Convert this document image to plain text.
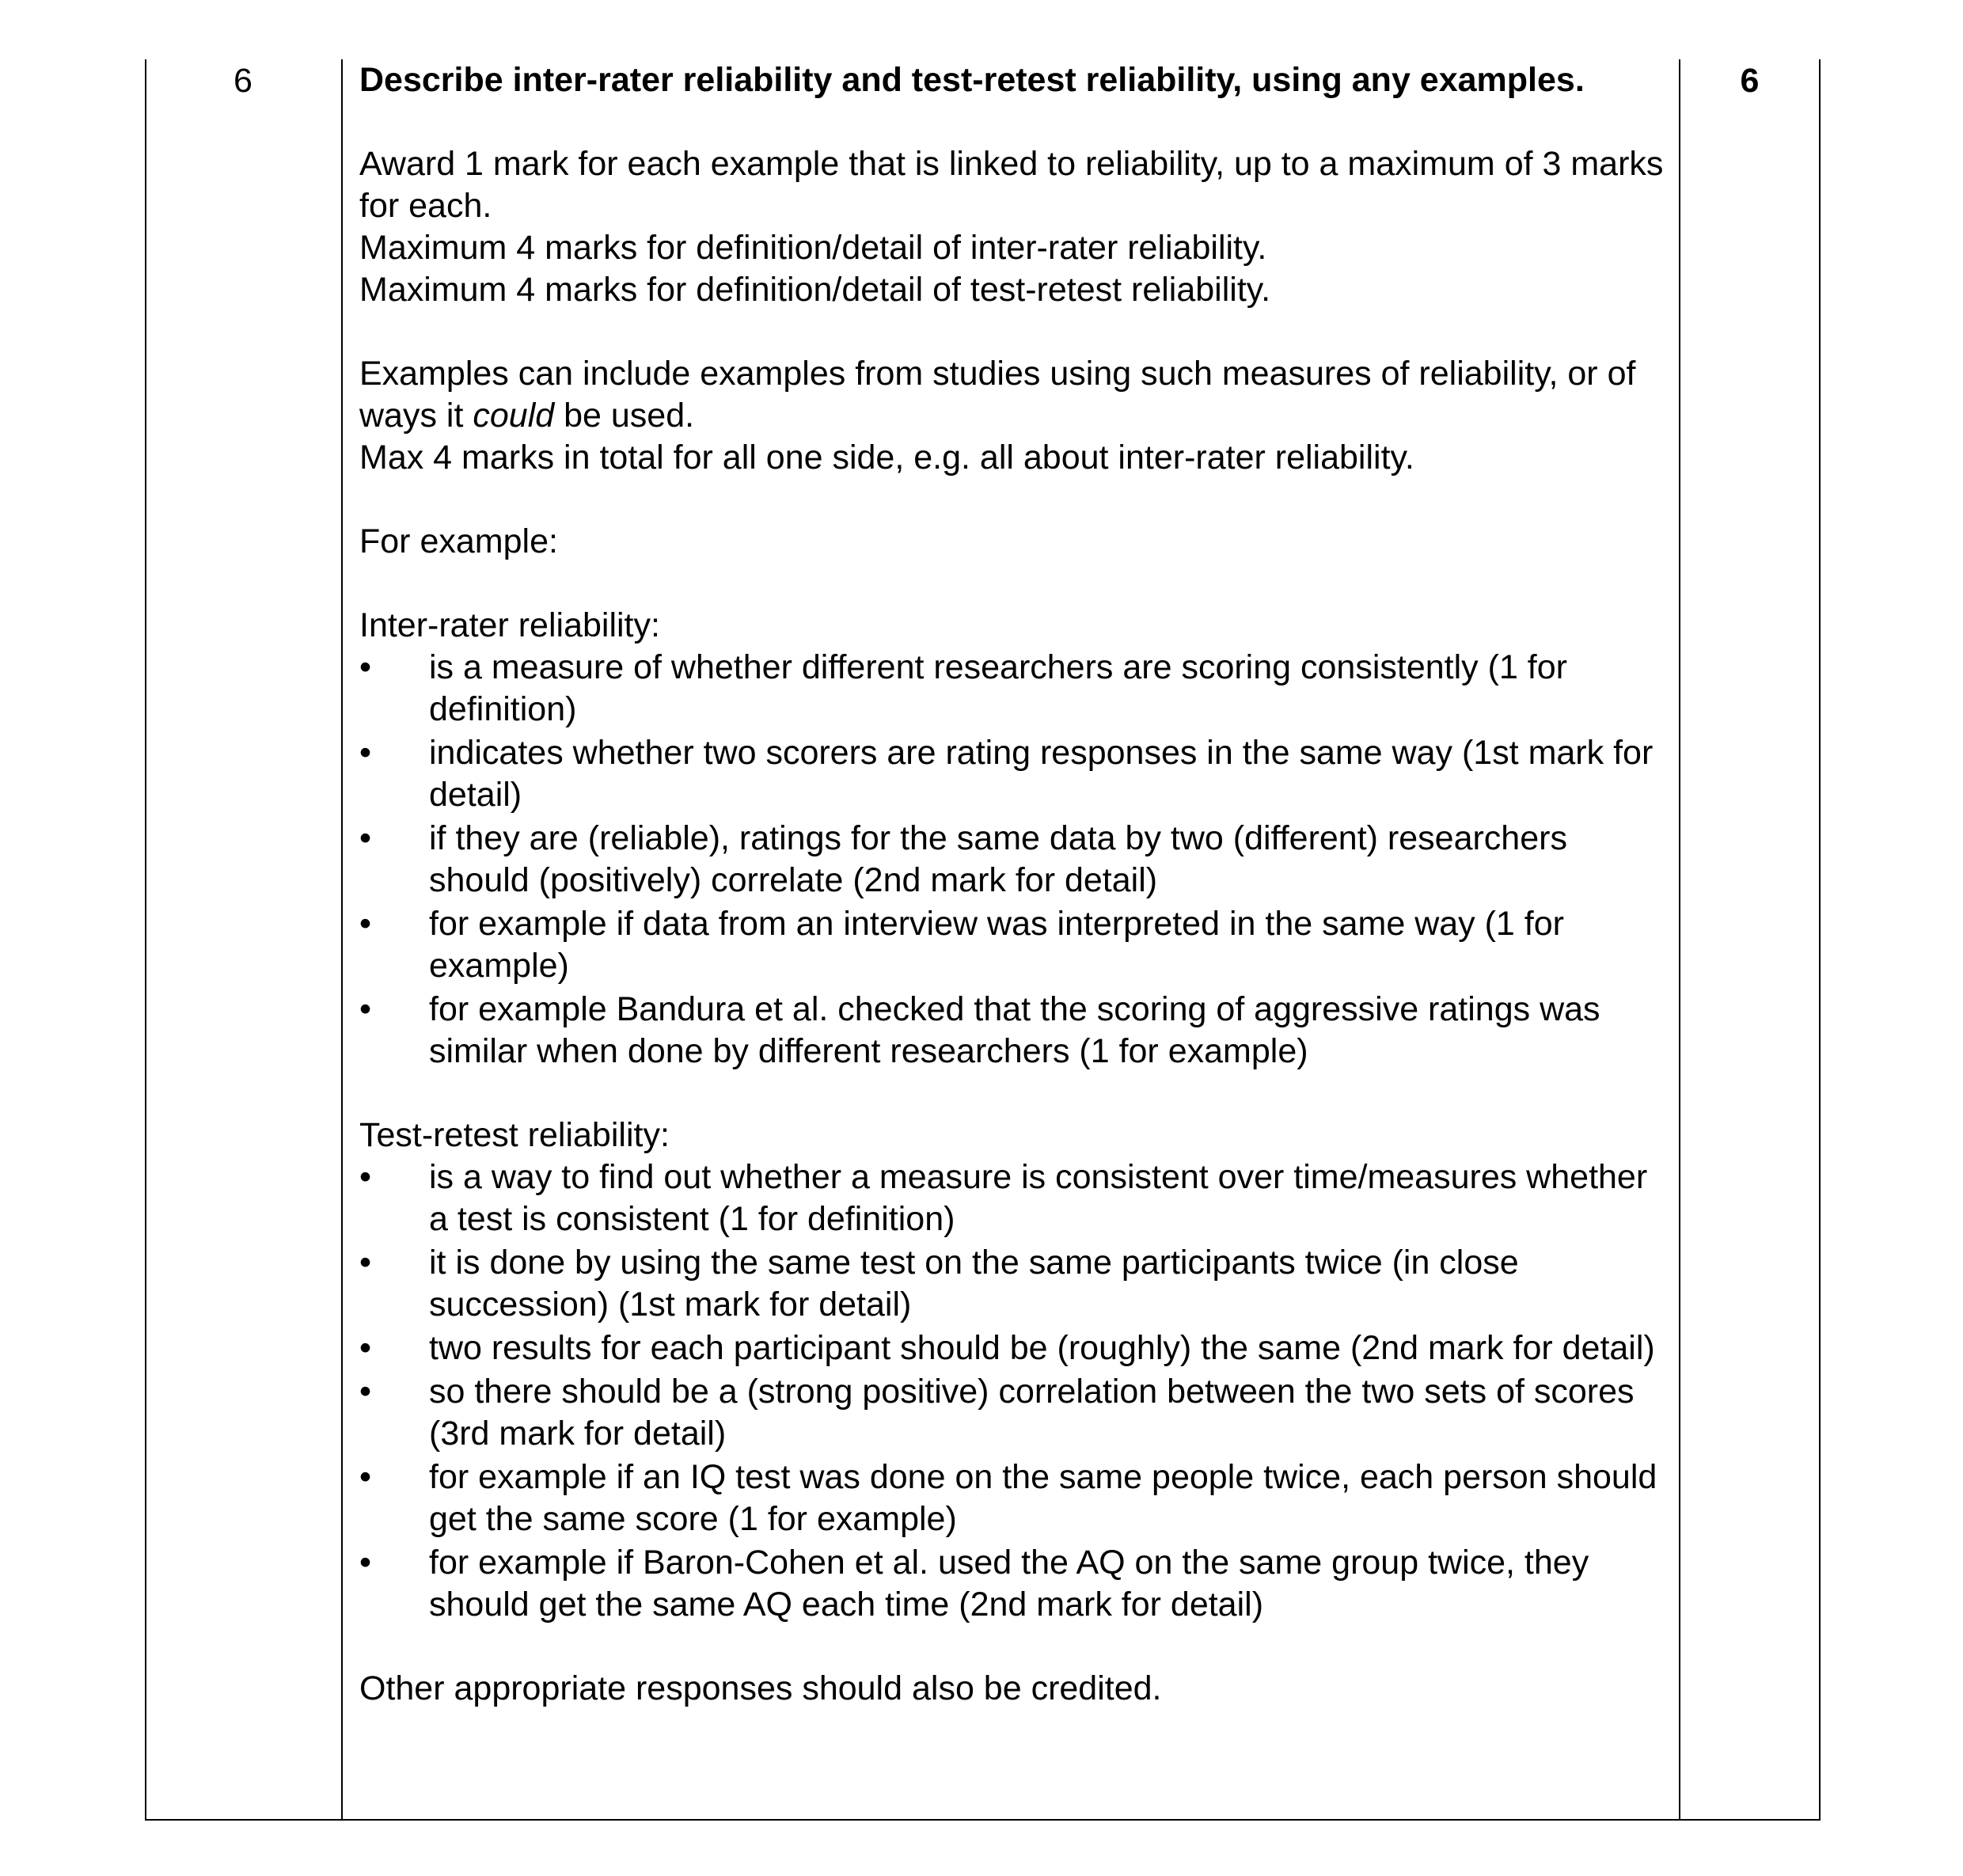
6	6
Describe inter-rater reliability and test-retest reliability, using any examples.
Award 1 mark for each example that is linked to reliability, up to a maximum of 3 marks for each.
Maximum 4 marks for definition/detail of inter-rater reliability.
Maximum 4 marks for definition/detail of test-retest reliability.
Examples can include examples from studies using such measures of reliability, or of ways it could be used.
Max 4 marks in total for all one side, e.g. all about inter-rater reliability.
For example:
Inter-rater reliability:
• is a measure of whether different researchers are scoring consistently (1 for definition)
• indicates whether two scorers are rating responses in the same way (1st mark for detail)
• if they are (reliable), ratings for the same data by two (different) researchers should (positively) correlate (2nd mark for detail)
• for example if data from an interview was interpreted in the same way (1 for example)
• for example Bandura et al. checked that the scoring of aggressive ratings was similar when done by different researchers (1 for example)
Test-retest reliability:
• is a way to find out whether a measure is consistent over time/measures whether a test is consistent (1 for definition)
• it is done by using the same test on the same participants twice (in close succession) (1st mark for detail)
• two results for each participant should be (roughly) the same (2nd mark for detail)
• so there should be a (strong positive) correlation between the two sets of scores (3rd mark for detail)
• for example if an IQ test was done on the same people twice, each person should get the same score (1 for example)
• for example if Baron-Cohen et al. used the AQ on the same group twice, they should get the same AQ each time (2nd mark for detail)
Other appropriate responses should also be credited.
